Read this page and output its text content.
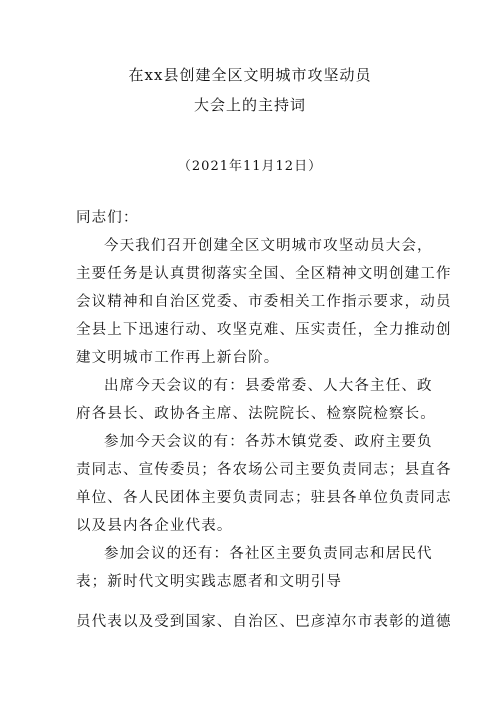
在xx县创建全区文明城市攻坚动员
大会上的主持词
（2021年11月12日）
同志们：
今天我们召开创建全区文明城市攻坚动员大会，
主要任务是认真贯彻落实全国、全区精神文明创建工作
会议精神和自治区党委、市委相关工作指示要求，动员
全县上下迅速行动、攻坚克难、压实责任，全力推动创
建文明城市工作再上新台阶。
出席今天会议的有：县委常委、人大各主任、政
府各县长、政协各主席、法院院长、检察院检察长。
参加今天会议的有：各苏木镇党委、政府主要负
责同志、宣传委员；各农场公司主要负责同志；县直各
单位、各人民团体主要负责同志；驻县各单位负责同志
以及县内各企业代表。
参加会议的还有：各社区主要负责同志和居民代
表；新时代文明实践志愿者和文明引导
员代表以及受到国家、自治区、巴彦淖尔市表彰的道德
